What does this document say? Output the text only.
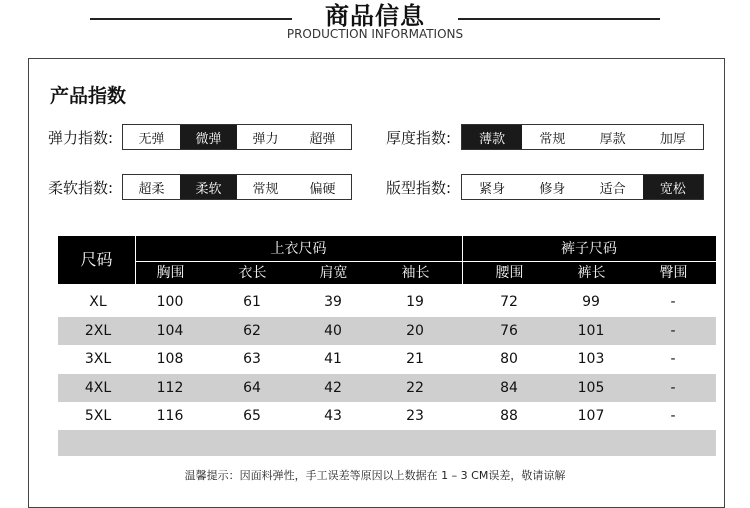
商品信息
PRODUCTION INFORMATIONS
产品指数
弹力指数:	无弹	微弹	弹力	超弹	厚度指数:	薄款	常规	厚款	加厚
柔软指数:	超柔	柔软	常规	偏硬	版型指数:	紧身	修身	适合	宽松
尺码
上衣尺码	裤子尺码
胸围	衣长	肩宽	袖长	腰围	裤长	臀围
XL	100	61	39	19	72	99	-
2XL	104	62	40	20	76	101	-
3XL	108	63	41	21	80	103	-
4XL	112	64	42	22	84	105	-
5XL	116	65	43	23	88	107	-
温馨提示：因面料弹性，手工误差等原因以上数据在 1 – 3 CM误差，敬请谅解
